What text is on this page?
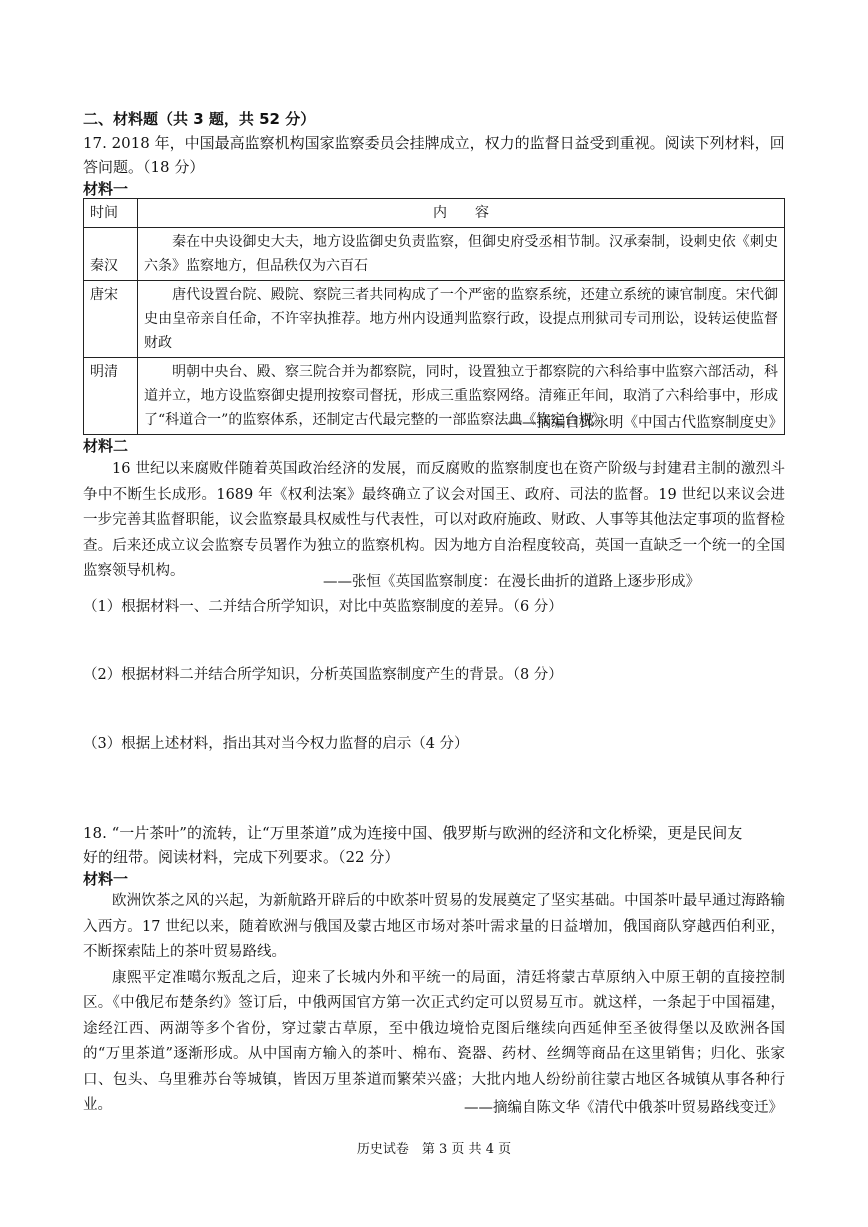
二、材料题（共 3 题，共 52 分）
17. 2018 年，中国最高监察机构国家监察委员会挂牌成立，权力的监督日益受到重视。阅读下列材料，回
答问题。（18 分）
材料一
时间	内　　容
秦汉	秦在中央设御史大夫，地方设监御史负责监察，但御史府受丞相节制。汉承秦制，设刺史依《刺史六条》监察地方，但品秩仅为六百石
唐宋	唐代设置台院、殿院、察院三者共同构成了一个严密的监察系统，还建立系统的谏官制度。宋代御史由皇帝亲自任命，不许宰执推荐。地方州内设通判监察行政，设提点刑狱司专司刑讼，设转运使监督财政
明清	明朝中央台、殿、察三院合并为都察院，同时，设置独立于都察院的六科给事中监察六部活动，科道并立，地方设监察御史提刑按察司督抚，形成三重监察网络。清雍正年间，取消了六科给事中，形成了“科道合一”的监察体系，还制定古代最完整的一部监察法典《钦定台规》
——摘编自邱永明《中国古代监察制度史》
材料二

16 世纪以来腐败伴随着英国政治经济的发展，而反腐败的监察制度也在资产阶级与封建君主制的激烈斗争中不断生长成形。1689 年《权利法案》最终确立了议会对国王、政府、司法的监督。19 世纪以来议会进一步完善其监督职能，议会监察最具权威性与代表性，可以对政府施政、财政、人事等其他法定事项的监督检查。后来还成立议会监察专员署作为独立的监察机构。因为地方自治程度较高，英国一直缺乏一个统一的全国监察领导机构。

——张恒《英国监察制度：在漫长曲折的道路上逐步形成》
（1）根据材料一、二并结合所学知识，对比中英监察制度的差异。（6 分）
（2）根据材料二并结合所学知识，分析英国监察制度产生的背景。（8 分）
（3）根据上述材料，指出其对当今权力监督的启示（4 分）
18. “一片茶叶”的流转，让“万里茶道”成为连接中国、俄罗斯与欧洲的经济和文化桥梁，更是民间友
好的纽带。阅读材料，完成下列要求。（22 分）
材料一

欧洲饮茶之风的兴起，为新航路开辟后的中欧茶叶贸易的发展奠定了坚实基础。中国茶叶最早通过海路输入西方。17 世纪以来，随着欧洲与俄国及蒙古地区市场对茶叶需求量的日益增加，俄国商队穿越西伯利亚，不断探索陆上的茶叶贸易路线。

康熙平定准噶尔叛乱之后，迎来了长城内外和平统一的局面，清廷将蒙古草原纳入中原王朝的直接控制区。《中俄尼布楚条约》签订后，中俄两国官方第一次正式约定可以贸易互市。就这样，一条起于中国福建，途经江西、两湖等多个省份，穿过蒙古草原，至中俄边境恰克图后继续向西延伸至圣彼得堡以及欧洲各国的“万里茶道”逐渐形成。从中国南方输入的茶叶、棉布、瓷器、药材、丝绸等商品在这里销售；归化、张家口、包头、乌里雅苏台等城镇，皆因万里茶道而繁荣兴盛；大批内地人纷纷前往蒙古地区各城镇从事各种行业。	——摘编自陈文华《清代中俄茶叶贸易路线变迁》
历史试卷　第 3 页 共 4 页
